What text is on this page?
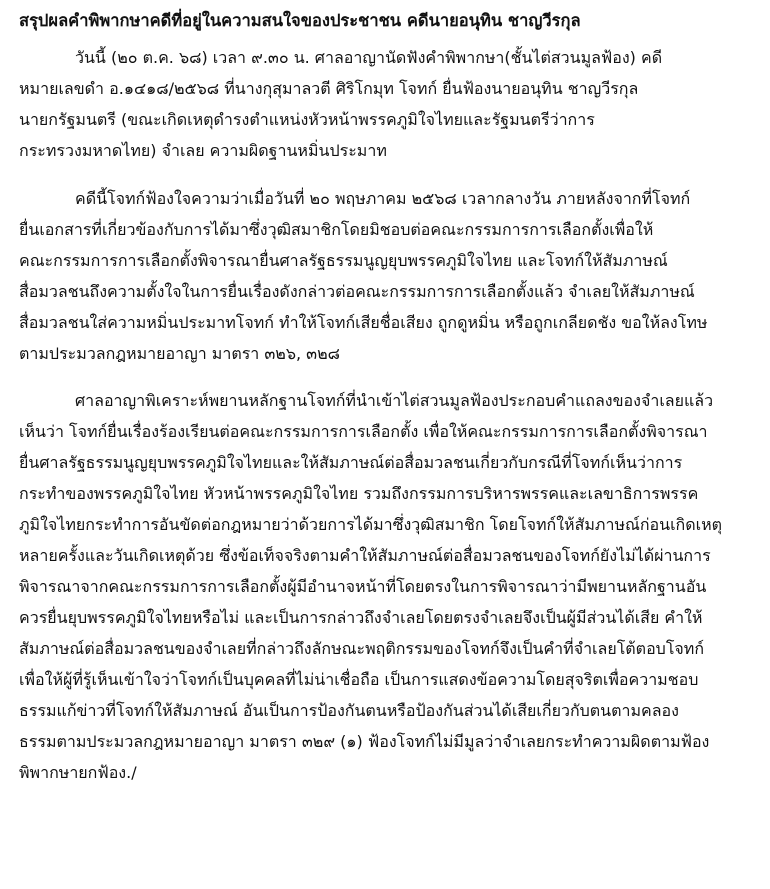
สรุปผลคำพิพากษาคดีที่อยู่ในความสนใจของประชาชน คดีนายอนุทิน ชาญวีรกุล

วันนี้ (๒๐ ต.ค. ๖๘) เวลา ๙.๓๐ น. ศาลอาญานัดฟังคำพิพากษา(ชั้นไต่สวนมูลฟ้อง) คดี
หมายเลขดำ อ.๑๔๑๘/๒๕๖๘ ที่นางกุสุมาลวตี ศิริโกมุท โจทก์ ยื่นฟ้องนายอนุทิน ชาญวีรกุล
นายกรัฐมนตรี (ขณะเกิดเหตุดำรงตำแหน่งหัวหน้าพรรคภูมิใจไทยและรัฐมนตรีว่าการ
กระทรวงมหาดไทย) จำเลย ความผิดฐานหมิ่นประมาท

คดีนี้โจทก์ฟ้องใจความว่าเมื่อวันที่ ๒๐ พฤษภาคม ๒๕๖๘ เวลากลางวัน ภายหลังจากที่โจทก์
ยื่นเอกสารที่เกี่ยวข้องกับการได้มาซึ่งวุฒิสมาชิกโดยมิชอบต่อคณะกรรมการการเลือกตั้งเพื่อให้
คณะกรรมการการเลือกตั้งพิจารณายื่นศาลรัฐธรรมนูญยุบพรรคภูมิใจไทย และโจทก์ให้สัมภาษณ์
สื่อมวลชนถึงความตั้งใจในการยื่นเรื่องดังกล่าวต่อคณะกรรมการการเลือกตั้งแล้ว จำเลยให้สัมภาษณ์
สื่อมวลชนใส่ความหมิ่นประมาทโจทก์ ทำให้โจทก์เสียชื่อเสียง ถูกดูหมิ่น หรือถูกเกลียดชัง ขอให้ลงโทษ
ตามประมวลกฎหมายอาญา มาตรา ๓๒๖, ๓๒๘

ศาลอาญาพิเคราะห์พยานหลักฐานโจทก์ที่นำเข้าไต่สวนมูลฟ้องประกอบคำแถลงของจำเลยแล้ว
เห็นว่า โจทก์ยื่นเรื่องร้องเรียนต่อคณะกรรมการการเลือกตั้ง เพื่อให้คณะกรรมการการเลือกตั้งพิจารณา
ยื่นศาลรัฐธรรมนูญยุบพรรคภูมิใจไทยและให้สัมภาษณ์ต่อสื่อมวลชนเกี่ยวกับกรณีที่โจทก์เห็นว่าการ
กระทำของพรรคภูมิใจไทย หัวหน้าพรรคภูมิใจไทย รวมถึงกรรมการบริหารพรรคและเลขาธิการพรรค
ภูมิใจไทยกระทำการอันขัดต่อกฎหมายว่าด้วยการได้มาซึ่งวุฒิสมาชิก โดยโจทก์ให้สัมภาษณ์ก่อนเกิดเหตุ
หลายครั้งและวันเกิดเหตุด้วย ซึ่งข้อเท็จจริงตามคำให้สัมภาษณ์ต่อสื่อมวลชนของโจทก์ยังไม่ได้ผ่านการ
พิจารณาจากคณะกรรมการการเลือกตั้งผู้มีอำนาจหน้าที่โดยตรงในการพิจารณาว่ามีพยานหลักฐานอัน
ควรยื่นยุบพรรคภูมิใจไทยหรือไม่ และเป็นการกล่าวถึงจำเลยโดยตรงจำเลยจึงเป็นผู้มีส่วนได้เสีย คำให้
สัมภาษณ์ต่อสื่อมวลชนของจำเลยที่กล่าวถึงลักษณะพฤติกรรมของโจทก์จึงเป็นคำที่จำเลยโต้ตอบโจทก์
เพื่อให้ผู้ที่รู้เห็นเข้าใจว่าโจทก์เป็นบุคคลที่ไม่น่าเชื่อถือ เป็นการแสดงข้อความโดยสุจริตเพื่อความชอบ
ธรรมแก้ข่าวที่โจทก์ให้สัมภาษณ์ อันเป็นการป้องกันตนหรือป้องกันส่วนได้เสียเกี่ยวกับตนตามคลอง
ธรรมตามประมวลกฎหมายอาญา มาตรา ๓๒๙ (๑) ฟ้องโจทก์ไม่มีมูลว่าจำเลยกระทำความผิดตามฟ้อง
พิพากษายกฟ้อง./
